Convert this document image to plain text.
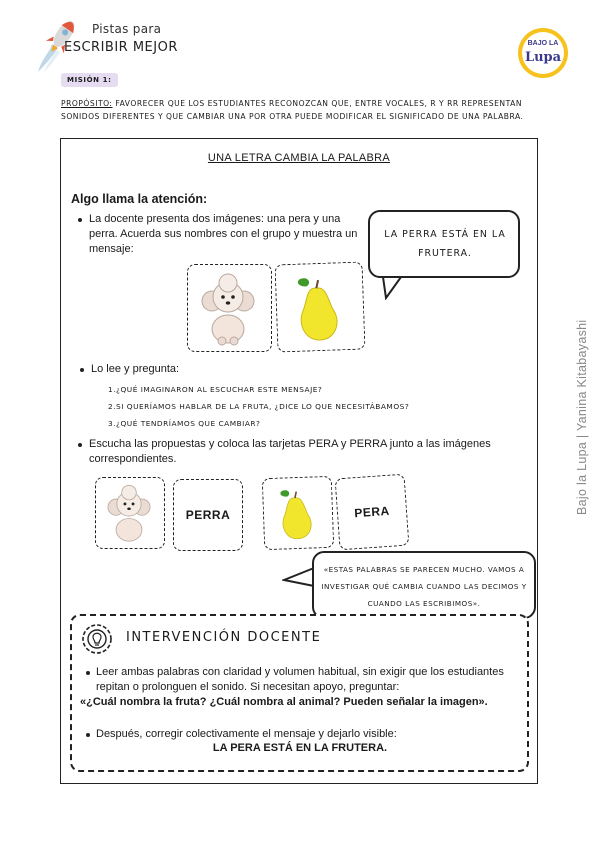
Pistas para
ESCRIBIR MEJOR	BAJO LA
Lupa
MISIÓN 1:
PROPÓSITO: FAVORECER QUE LOS ESTUDIANTES RECONOZCAN QUE, ENTRE VOCALES, R Y RR REPRESENTAN SONIDOS DIFERENTES Y QUE CAMBIAR UNA POR OTRA PUEDE MODIFICAR EL SIGNIFICADO DE UNA PALABRA.
UNA LETRA CAMBIA LA PALABRA
Algo llama la atención:
La docente presenta dos imágenes: una pera y una perra. Acuerda sus nombres con el grupo y muestra un mensaje:
LA PERRA ESTÁ EN LA FRUTERA.
Lo lee y pregunta:
1.¿QUÉ IMAGINARON AL ESCUCHAR ESTE MENSAJE?
2.SI QUERÍAMOS HABLAR DE LA FRUTA, ¿DICE LO QUE NECESITÁBAMOS?
3.¿QUÉ TENDRÍAMOS QUE CAMBIAR?
Escucha las propuestas y coloca las tarjetas PERA y PERRA junto a las imágenes correspondientes.
PERRA	PERA
«ESTAS PALABRAS SE PARECEN MUCHO. VAMOS A INVESTIGAR QUÉ CAMBIA CUANDO LAS DECIMOS Y CUANDO LAS ESCRIBIMOS».
Bajo la Lupa | Yanina Kitabayashi
INTERVENCIÓN DOCENTE
Leer ambas palabras con claridad y volumen habitual, sin exigir que los estudiantes repitan o prolonguen el sonido. Si necesitan apoyo, preguntar:
«¿Cuál nombra la fruta? ¿Cuál nombra al animal? Pueden señalar la imagen».
Después, corregir colectivamente el mensaje y dejarlo visible:
LA PERA ESTÁ EN LA FRUTERA.
